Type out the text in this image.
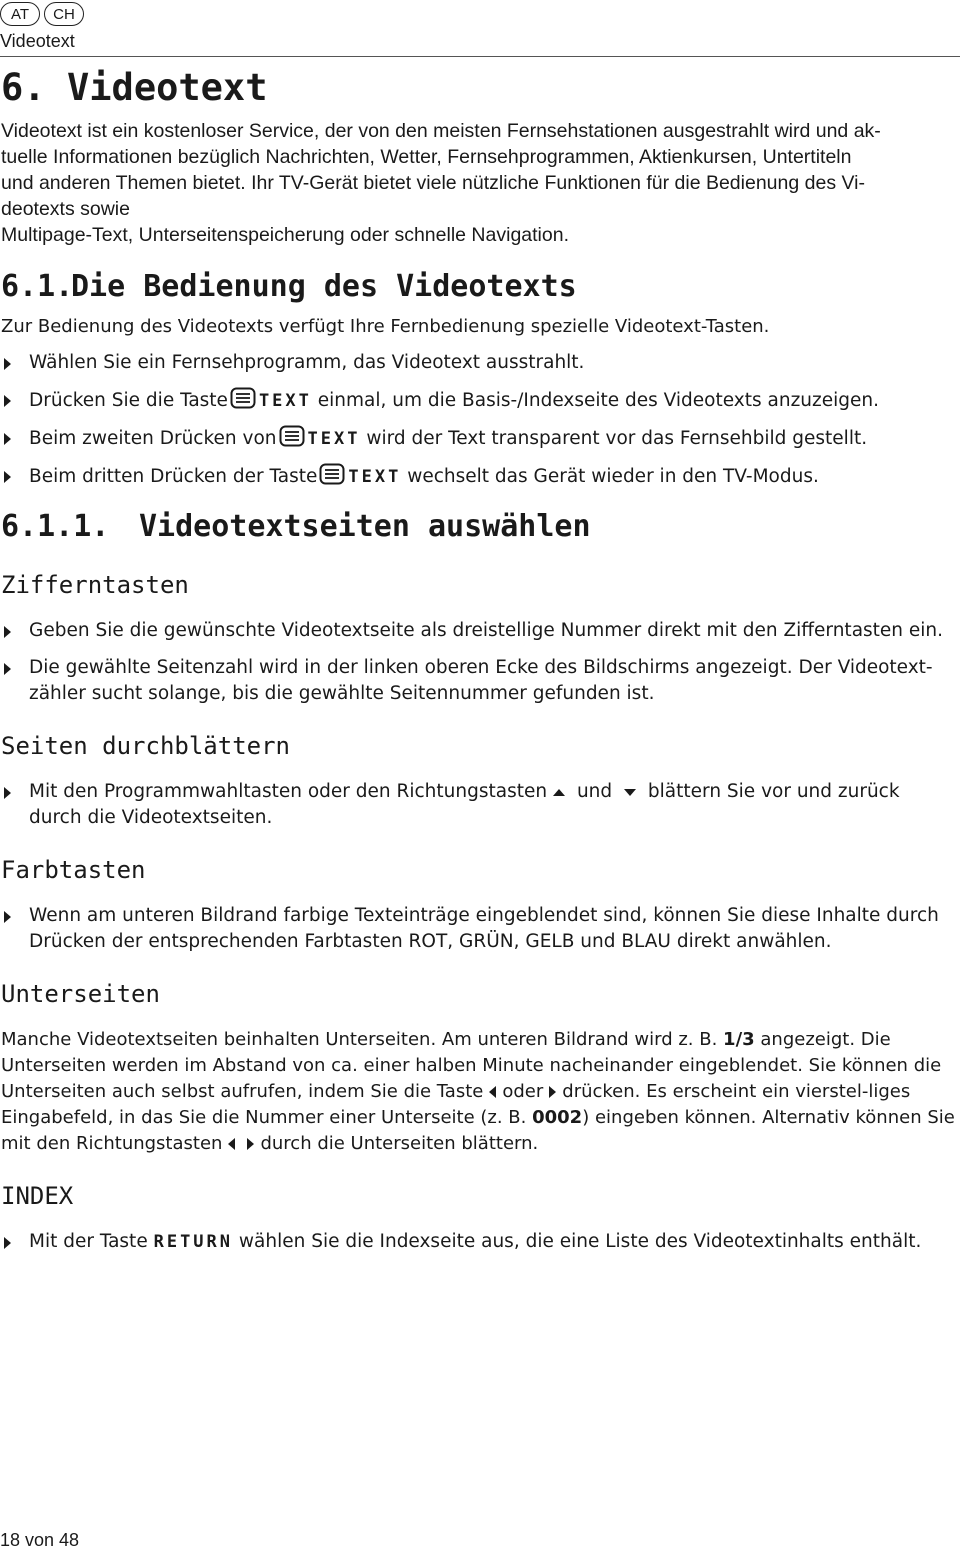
AT	CH
Videotext
6. Videotext

Videotext ist ein kostenloser Service, der von den meisten Fernsehstationen ausgestrahlt wird und ak-

tuelle Informationen bezüglich Nachrichten, Wetter, Fernsehprogrammen, Aktienkursen, Untertiteln

und anderen Themen bietet. Ihr TV-Gerät bietet viele nützliche Funktionen für die Bedienung des Vi-

deotexts sowie

Multipage-Text, Unterseitenspeicherung oder schnelle Navigation.

6.1.Die Bedienung des Videotexts

Zur Bedienung des Videotexts verfügt Ihre Fernbedienung spezielle Videotext-Tasten.

Wählen Sie ein Fernsehprogramm, das Videotext ausstrahlt.
Drücken Sie die Taste TEXT einmal, um die Basis-/Indexseite des Videotexts anzuzeigen.
Beim zweiten Drücken von TEXT wird der Text transparent vor das Fernsehbild gestellt.
Beim dritten Drücken der Taste TEXT wechselt das Gerät wieder in den TV-Modus.
6.1.1. Videotextseiten auswählen
Zifferntasten
Geben Sie die gewünschte Videotextseite als dreistellige Nummer direkt mit den Zifferntasten ein.
Die gewählte Seitenzahl wird in der linken oberen Ecke des Bildschirms angezeigt. Der Videotext-zähler sucht solange, bis die gewählte Seitennummer gefunden ist.
Seiten durchblättern
Mit den Programmwahltasten oder den Richtungstasten und  blättern Sie vor und zurück durch die Videotextseiten.
Farbtasten
Wenn am unteren Bildrand farbige Texteinträge eingeblendet sind, können Sie diese Inhalte durch Drücken der entsprechenden Farbtasten ROT, GRÜN, GELB und BLAU direkt anwählen.
Unterseiten

Manche Videotextseiten beinhalten Unterseiten. Am unteren Bildrand wird z. B. 1/3 angezeigt. Die Unterseiten werden im Abstand von ca. einer halben Minute nacheinander eingeblendet. Sie können die Unterseiten auch selbst aufrufen, indem Sie die Taste oder drücken. Es erscheint ein vierstel-liges Eingabefeld, in das Sie die Nummer einer Unterseite (z. B. 0002) eingeben können. Alternativ können Sie mit den Richtungstasten durch die Unterseiten blättern.

INDEX
Mit der Taste RETURN wählen Sie die Indexseite aus, die eine Liste des Videotextinhalts enthält.
18 von 48
